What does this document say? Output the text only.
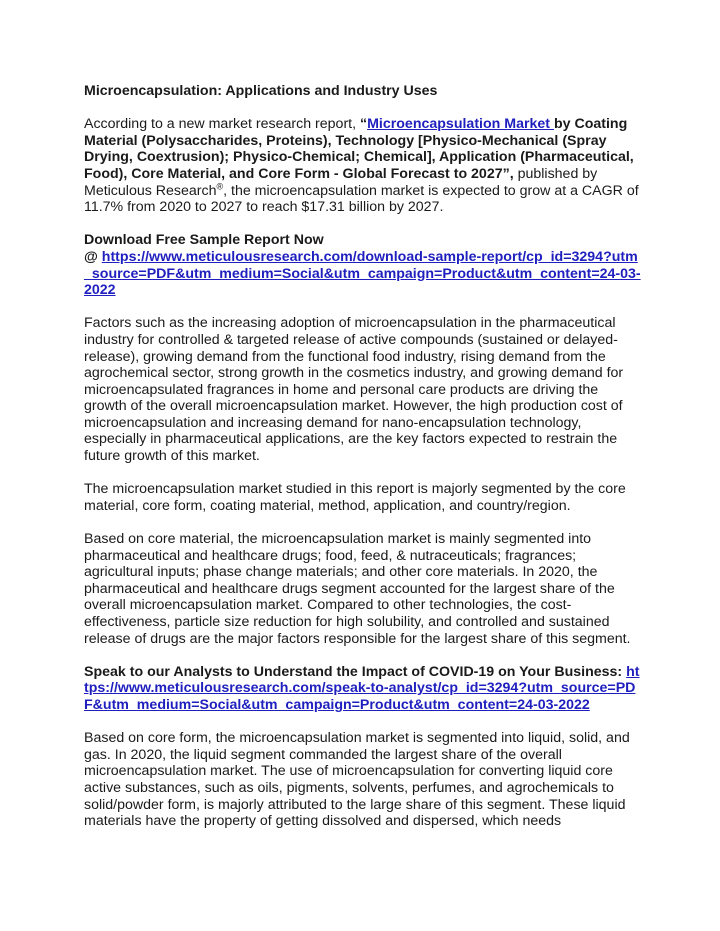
Microencapsulation: Applications and Industry Uses

According to a new market research report, “Microencapsulation Market by Coating Material (Polysaccharides, Proteins), Technology [Physico-Mechanical (Spray Drying, Coextrusion); Physico-Chemical; Chemical], Application (Pharmaceutical, Food), Core Material, and Core Form - Global Forecast to 2027”, published by Meticulous Research®, the microencapsulation market is expected to grow at a CAGR of 11.7% from 2020 to 2027 to reach $17.31 billion by 2027.

Download Free Sample Report Now
@ https://www.meticulousresearch.com/download-sample-report/cp_id=3294?utm_source=PDF&utm_medium=Social&utm_campaign=Product&utm_content=24-03-2022

Factors such as the increasing adoption of microencapsulation in the pharmaceutical industry for controlled & targeted release of active compounds (sustained or delayed-release), growing demand from the functional food industry, rising demand from the agrochemical sector, strong growth in the cosmetics industry, and growing demand for microencapsulated fragrances in home and personal care products are driving the growth of the overall microencapsulation market. However, the high production cost of microencapsulation and increasing demand for nano-encapsulation technology, especially in pharmaceutical applications, are the key factors expected to restrain the future growth of this market.

The microencapsulation market studied in this report is majorly segmented by the core material, core form, coating material, method, application, and country/region.

Based on core material, the microencapsulation market is mainly segmented into pharmaceutical and healthcare drugs; food, feed, & nutraceuticals; fragrances; agricultural inputs; phase change materials; and other core materials. In 2020, the pharmaceutical and healthcare drugs segment accounted for the largest share of the overall microencapsulation market. Compared to other technologies, the cost-effectiveness, particle size reduction for high solubility, and controlled and sustained release of drugs are the major factors responsible for the largest share of this segment.

Speak to our Analysts to Understand the Impact of COVID-19 on Your Business: https://www.meticulousresearch.com/speak-to-analyst/cp_id=3294?utm_source=PDF&utm_medium=Social&utm_campaign=Product&utm_content=24-03-2022

Based on core form, the microencapsulation market is segmented into liquid, solid, and gas. In 2020, the liquid segment commanded the largest share of the overall microencapsulation market. The use of microencapsulation for converting liquid core active substances, such as oils, pigments, solvents, perfumes, and agrochemicals to solid/powder form, is majorly attributed to the large share of this segment. These liquid materials have the property of getting dissolved and dispersed, which needs
